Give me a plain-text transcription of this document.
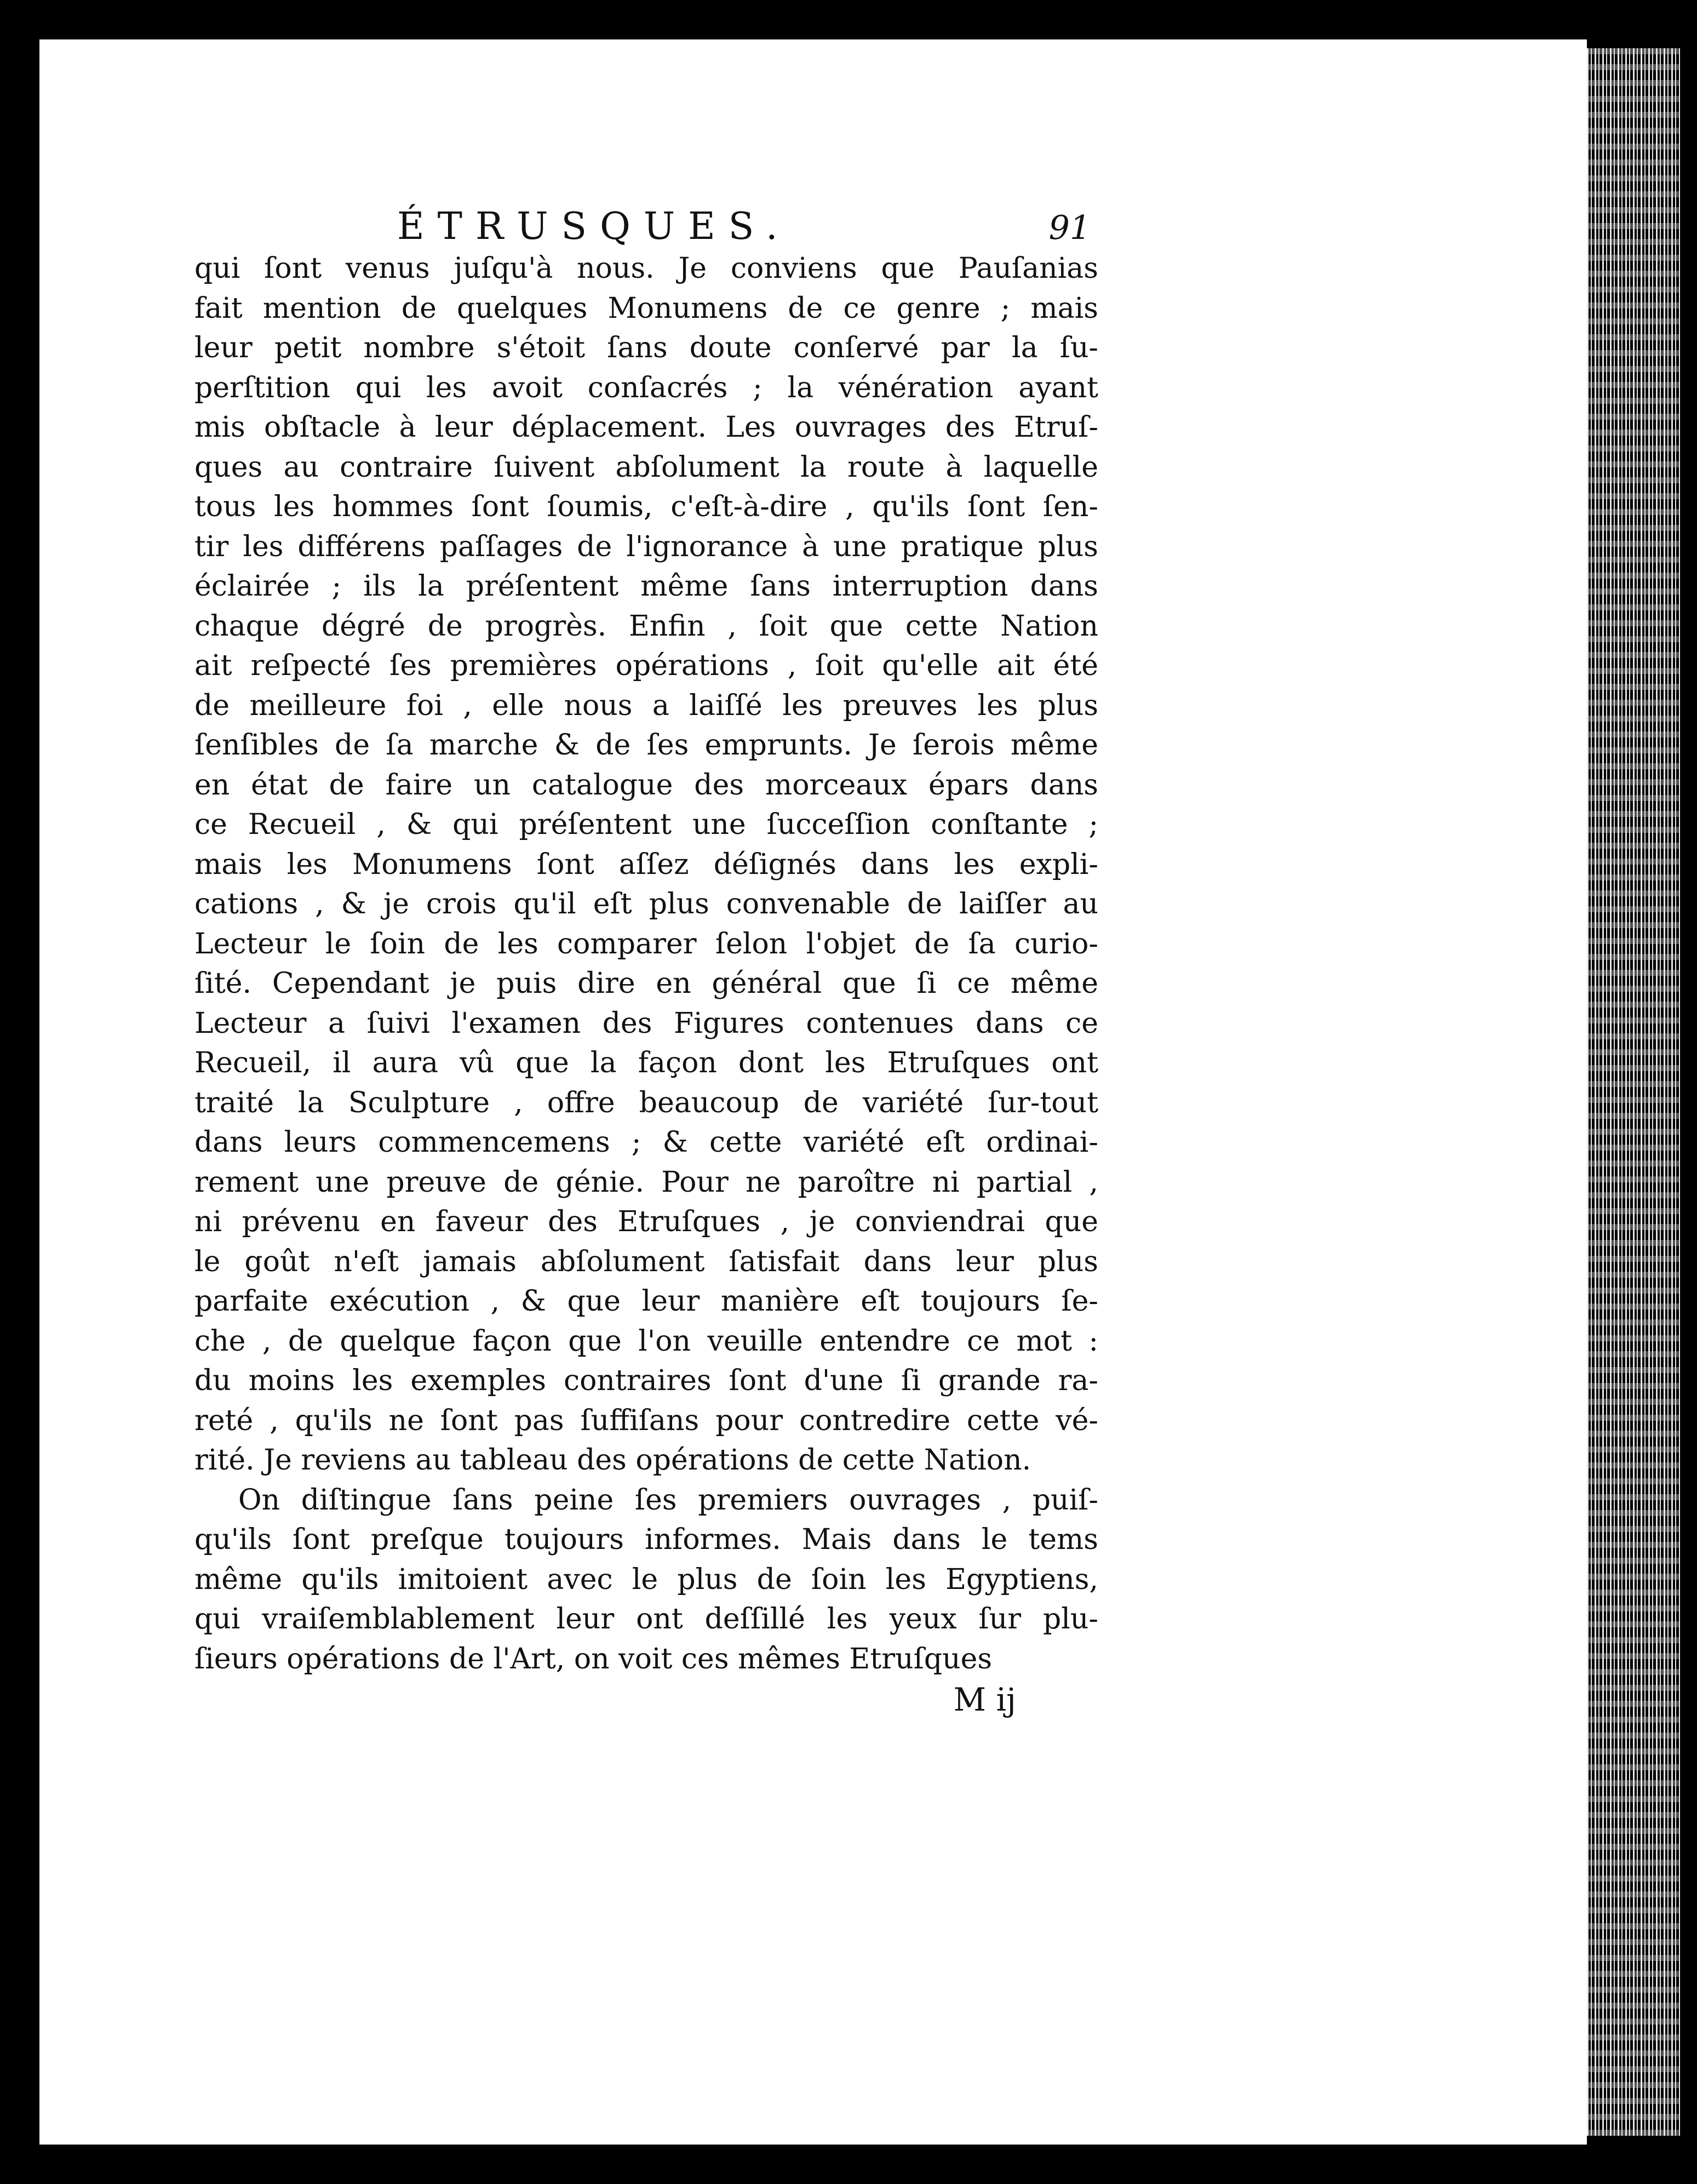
ÉTRUSQUES.	91
qui ſont venus juſqu'à nous. Je conviens que Pauſanias
fait mention de quelques Monumens de ce genre ; mais
leur petit nombre s'étoit ſans doute conſervé par la ſu-
perſtition qui les avoit conſacrés ; la vénération ayant
mis obſtacle à leur déplacement. Les ouvrages des Etruſ-
ques au contraire ſuivent abſolument la route à laquelle
tous les hommes ſont ſoumis, c'eſt-à-dire , qu'ils ſont ſen-
tir les différens paſſages de l'ignorance à une pratique plus
éclairée ; ils la préſentent même ſans interruption dans
chaque dégré de progrès. Enfin , ſoit que cette Nation
ait reſpecté ſes premières opérations , ſoit qu'elle ait été
de meilleure foi , elle nous a laiſſé les preuves les plus
ſenſibles de ſa marche & de ſes emprunts. Je ſerois même
en état de faire un catalogue des morceaux épars dans
ce Recueil , & qui préſentent une ſucceſſion conſtante ;
mais les Monumens ſont aſſez déſignés dans les expli-
cations , & je crois qu'il eſt plus convenable de laiſſer au
Lecteur le ſoin de les comparer ſelon l'objet de ſa curio-
ſité. Cependant je puis dire en général que ſi ce même
Lecteur a ſuivi l'examen des Figures contenues dans ce
Recueil, il aura vû que la façon dont les Etruſques ont
traité la Sculpture , offre beaucoup de variété ſur-tout
dans leurs commencemens ; & cette variété eſt ordinai-
rement une preuve de génie. Pour ne paroître ni partial ,
ni prévenu en faveur des Etruſques , je conviendrai que
le goût n'eſt jamais abſolument ſatisfait dans leur plus
parfaite exécution , & que leur manière eſt toujours ſe-
che , de quelque façon que l'on veuille entendre ce mot :
du moins les exemples contraires ſont d'une ſi grande ra-
reté , qu'ils ne ſont pas ſuffiſans pour contredire cette vé-
rité. Je reviens au tableau des opérations de cette Nation.
On diſtingue ſans peine ſes premiers ouvrages , puiſ-
qu'ils ſont preſque toujours informes. Mais dans le tems
même qu'ils imitoient avec le plus de ſoin les Egyptiens,
qui vraiſemblablement leur ont deſſillé les yeux ſur plu-
ſieurs opérations de l'Art, on voit ces mêmes Etruſques
M ij
